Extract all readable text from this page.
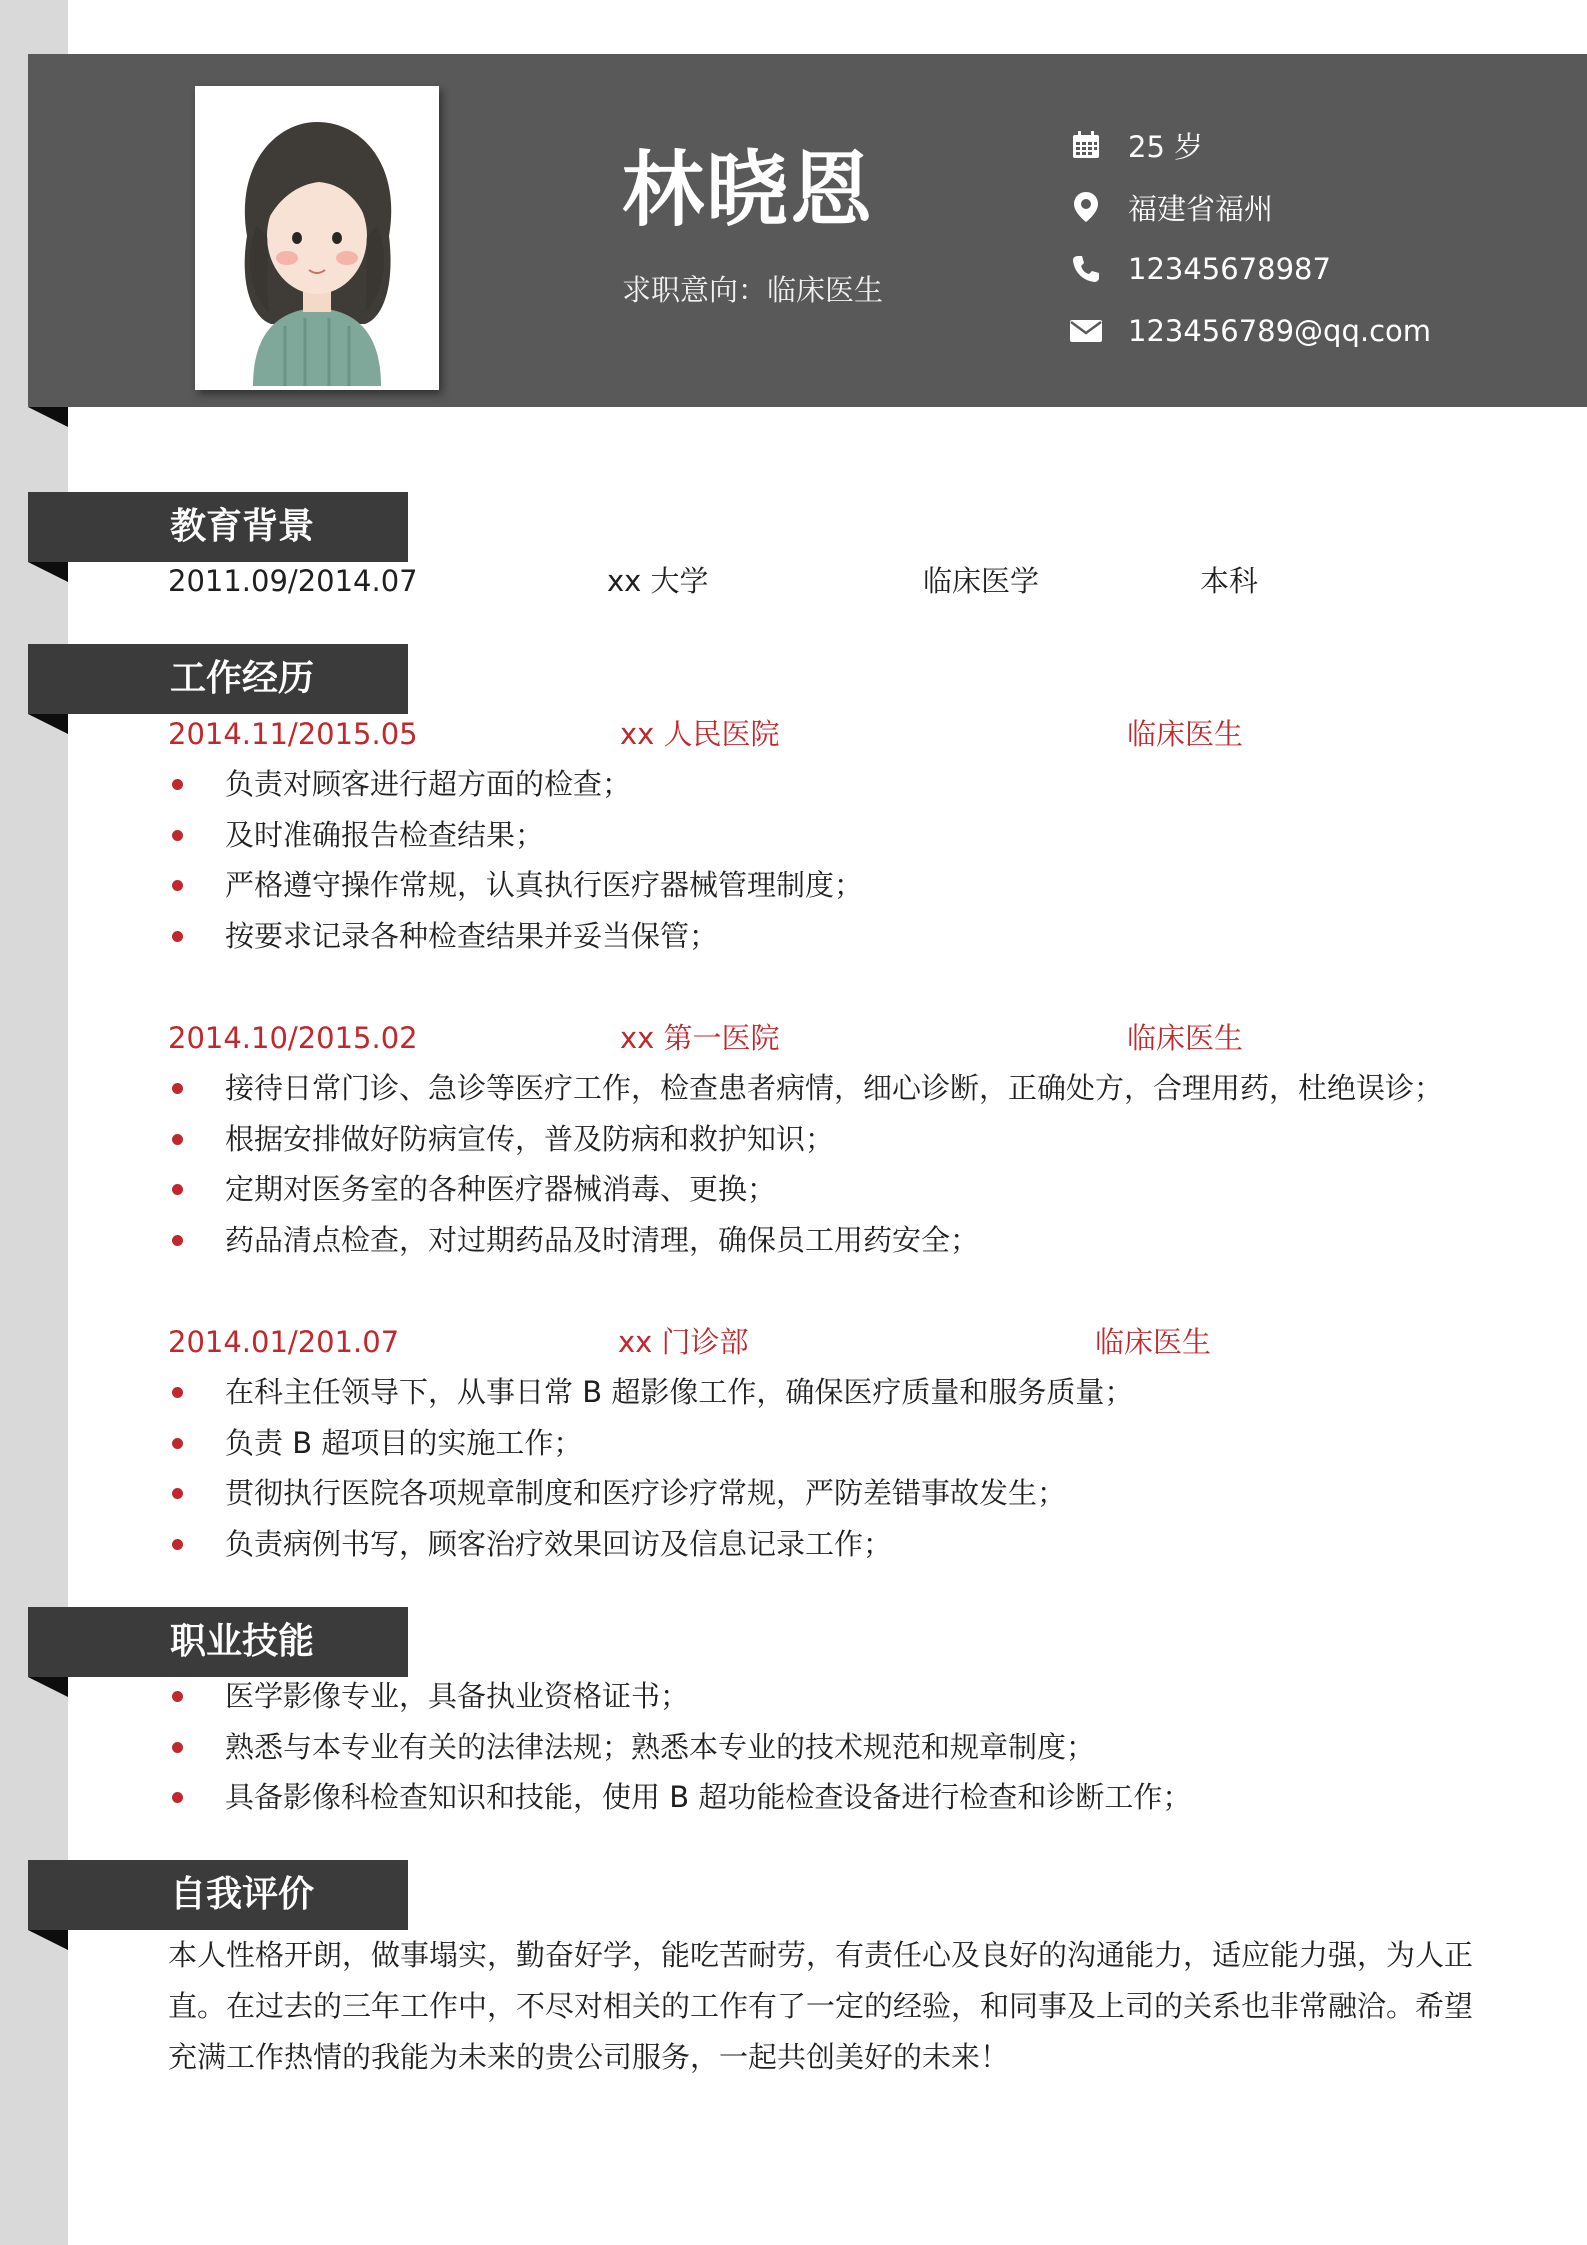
林晓恩
求职意向：临床医生
25 岁
福建省福州
12345678987
123456789@qq.com
教育背景
2011.09/2014.07	xx 大学	临床医学	本科
工作经历
2014.11/2015.05	xx 人民医院	临床医生
负责对顾客进行超方面的检查；
及时准确报告检查结果；
严格遵守操作常规，认真执行医疗器械管理制度；
按要求记录各种检查结果并妥当保管；
2014.10/2015.02	xx 第一医院	临床医生
接待日常门诊、急诊等医疗工作，检查患者病情，细心诊断，正确处方，合理用药，杜绝误诊；
根据安排做好防病宣传，普及防病和救护知识；
定期对医务室的各种医疗器械消毒、更换；
药品清点检查，对过期药品及时清理，确保员工用药安全；
2014.01/201.07	xx 门诊部	临床医生
在科主任领导下，从事日常 B 超影像工作，确保医疗质量和服务质量；
负责 B 超项目的实施工作；
贯彻执行医院各项规章制度和医疗诊疗常规，严防差错事故发生；
负责病例书写，顾客治疗效果回访及信息记录工作；
职业技能
医学影像专业，具备执业资格证书；
熟悉与本专业有关的法律法规；熟悉本专业的技术规范和规章制度；
具备影像科检查知识和技能，使用 B 超功能检查设备进行检查和诊断工作；
自我评价
本人性格开朗，做事塌实，勤奋好学，能吃苦耐劳，有责任心及良好的沟通能力，适应能力强，为人正直。在过去的三年工作中，不尽对相关的工作有了一定的经验，和同事及上司的关系也非常融洽。希望充满工作热情的我能为未来的贵公司服务，一起共创美好的未来！
